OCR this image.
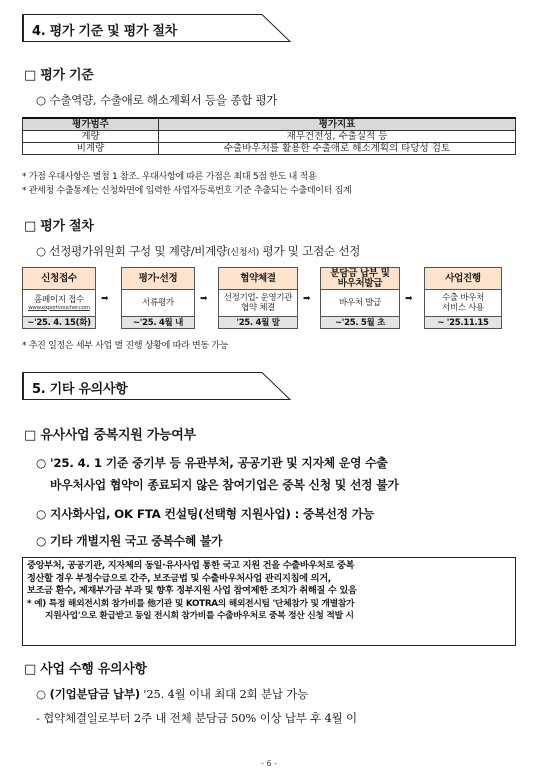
4. 평가 기준 및 평가 절차
□ 평가 기준
○ 수출역량, 수출애로 해소계획서 등을 종합 평가
평가범주	평가지표
계량	재무건전성, 수출실적 등
비계량	수출바우처를 활용한 수출애로 해소계획의 타당성 검토
* 가점 우대사항은 별첨 1 참조. 우대사항에 따른 가점은 최대 5점 한도 내 적용
* 관세청 수출통계는 신청화면에 입력한 사업자등록번호 기준 추출되는 수출데이터 집계
□ 평가 절차
○ 선정평가위원회 구성 및 계량/비계량(신청서) 평가 및 고점순 선정
신청접수
홈페이지 접수
www.exportvoucher.com
~'25. 4. 15(화)
➡
평가·선정
서류평가
~'25. 4월 내
➡
협약체결
선정기업- 운영기관
협약 체결
'25. 4월 말
➡
분담금 납부 및
바우처발급
바우처 발급
~'25. 5월 초
➡
사업진행
수출 바우처
서비스 사용
~ '25.11.15
* 추진 일정은 세부 사업 별 진행 상황에 따라 변동 가능
5. 기타 유의사항
□ 유사사업 중복지원 가능여부
○ '25. 4. 1 기준 중기부 등 유관부처, 공공기관 및 지자체 운영 수출
바우처사업 협약이 종료되지 않은 참여기업은 중복 신청 및 선정 불가
○ 지사화사업, OK FTA 컨설팅(선택형 지원사업) : 중복선정 가능
○ 기타 개별지원 국고 중복수혜 불가
중앙부처, 공공기관, 지자체의 동일·유사사업 통한 국고 지원 건을 수출바우처로 중복
정산할 경우 부정수급으로 간주, 보조금법 및 수출바우처사업 관리지침에 의거,
보조금 환수, 제재부가금 부과 및 향후 정부지원 사업 참여제한 조치가 취해질 수 있음
* 예) 특정 해외전시회 참가비를 他기관 및 KOTRA의 해외전시팀 '단체참가 및 개별참가
지원사업'으로 환급받고 동일 전시회 참가비를 수출바우처로 중복 정산 신청 적발 시
□ 사업 수행 유의사항
○ (기업분담금 납부) '25. 4월 이내 최대 2회 분납 가능
- 협약체결일로부터 2주 내 전체 분담금 50% 이상 납부 후 4월 이
- 6 -
